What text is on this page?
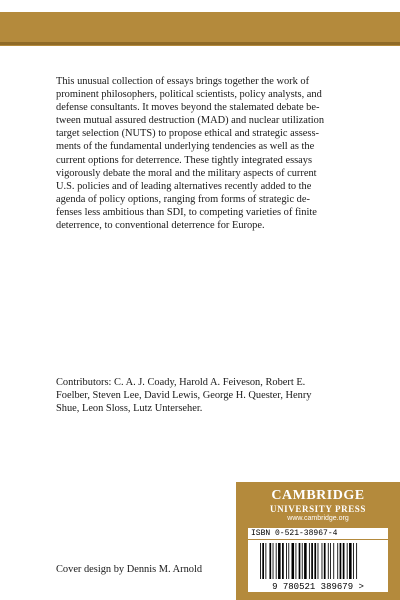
This unusual collection of essays brings together the work of
prominent philosophers, political scientists, policy analysts, and
defense consultants. It moves beyond the stalemated debate be-
tween mutual assured destruction (MAD) and nuclear utilization
target selection (NUTS) to propose ethical and strategic assess-
ments of the fundamental underlying tendencies as well as the
current options for deterrence. These tightly integrated essays
vigorously debate the moral and the military aspects of current
U.S. policies and of leading alternatives recently added to the
agenda of policy options, ranging from forms of strategic de-
fenses less ambitious than SDI, to competing varieties of finite
deterrence, to conventional deterrence for Europe.
Contributors: C. A. J. Coady, Harold A. Feiveson, Robert E.
Foelber, Steven Lee, David Lewis, George H. Quester, Henry
Shue, Leon Sloss, Lutz Unterseher.
CAMBRIDGE
UNIVERSITY PRESS
www.cambridge.org
ISBN 0-521-38967-4
9 780521 389679 >
Cover design by Dennis M. Arnold
